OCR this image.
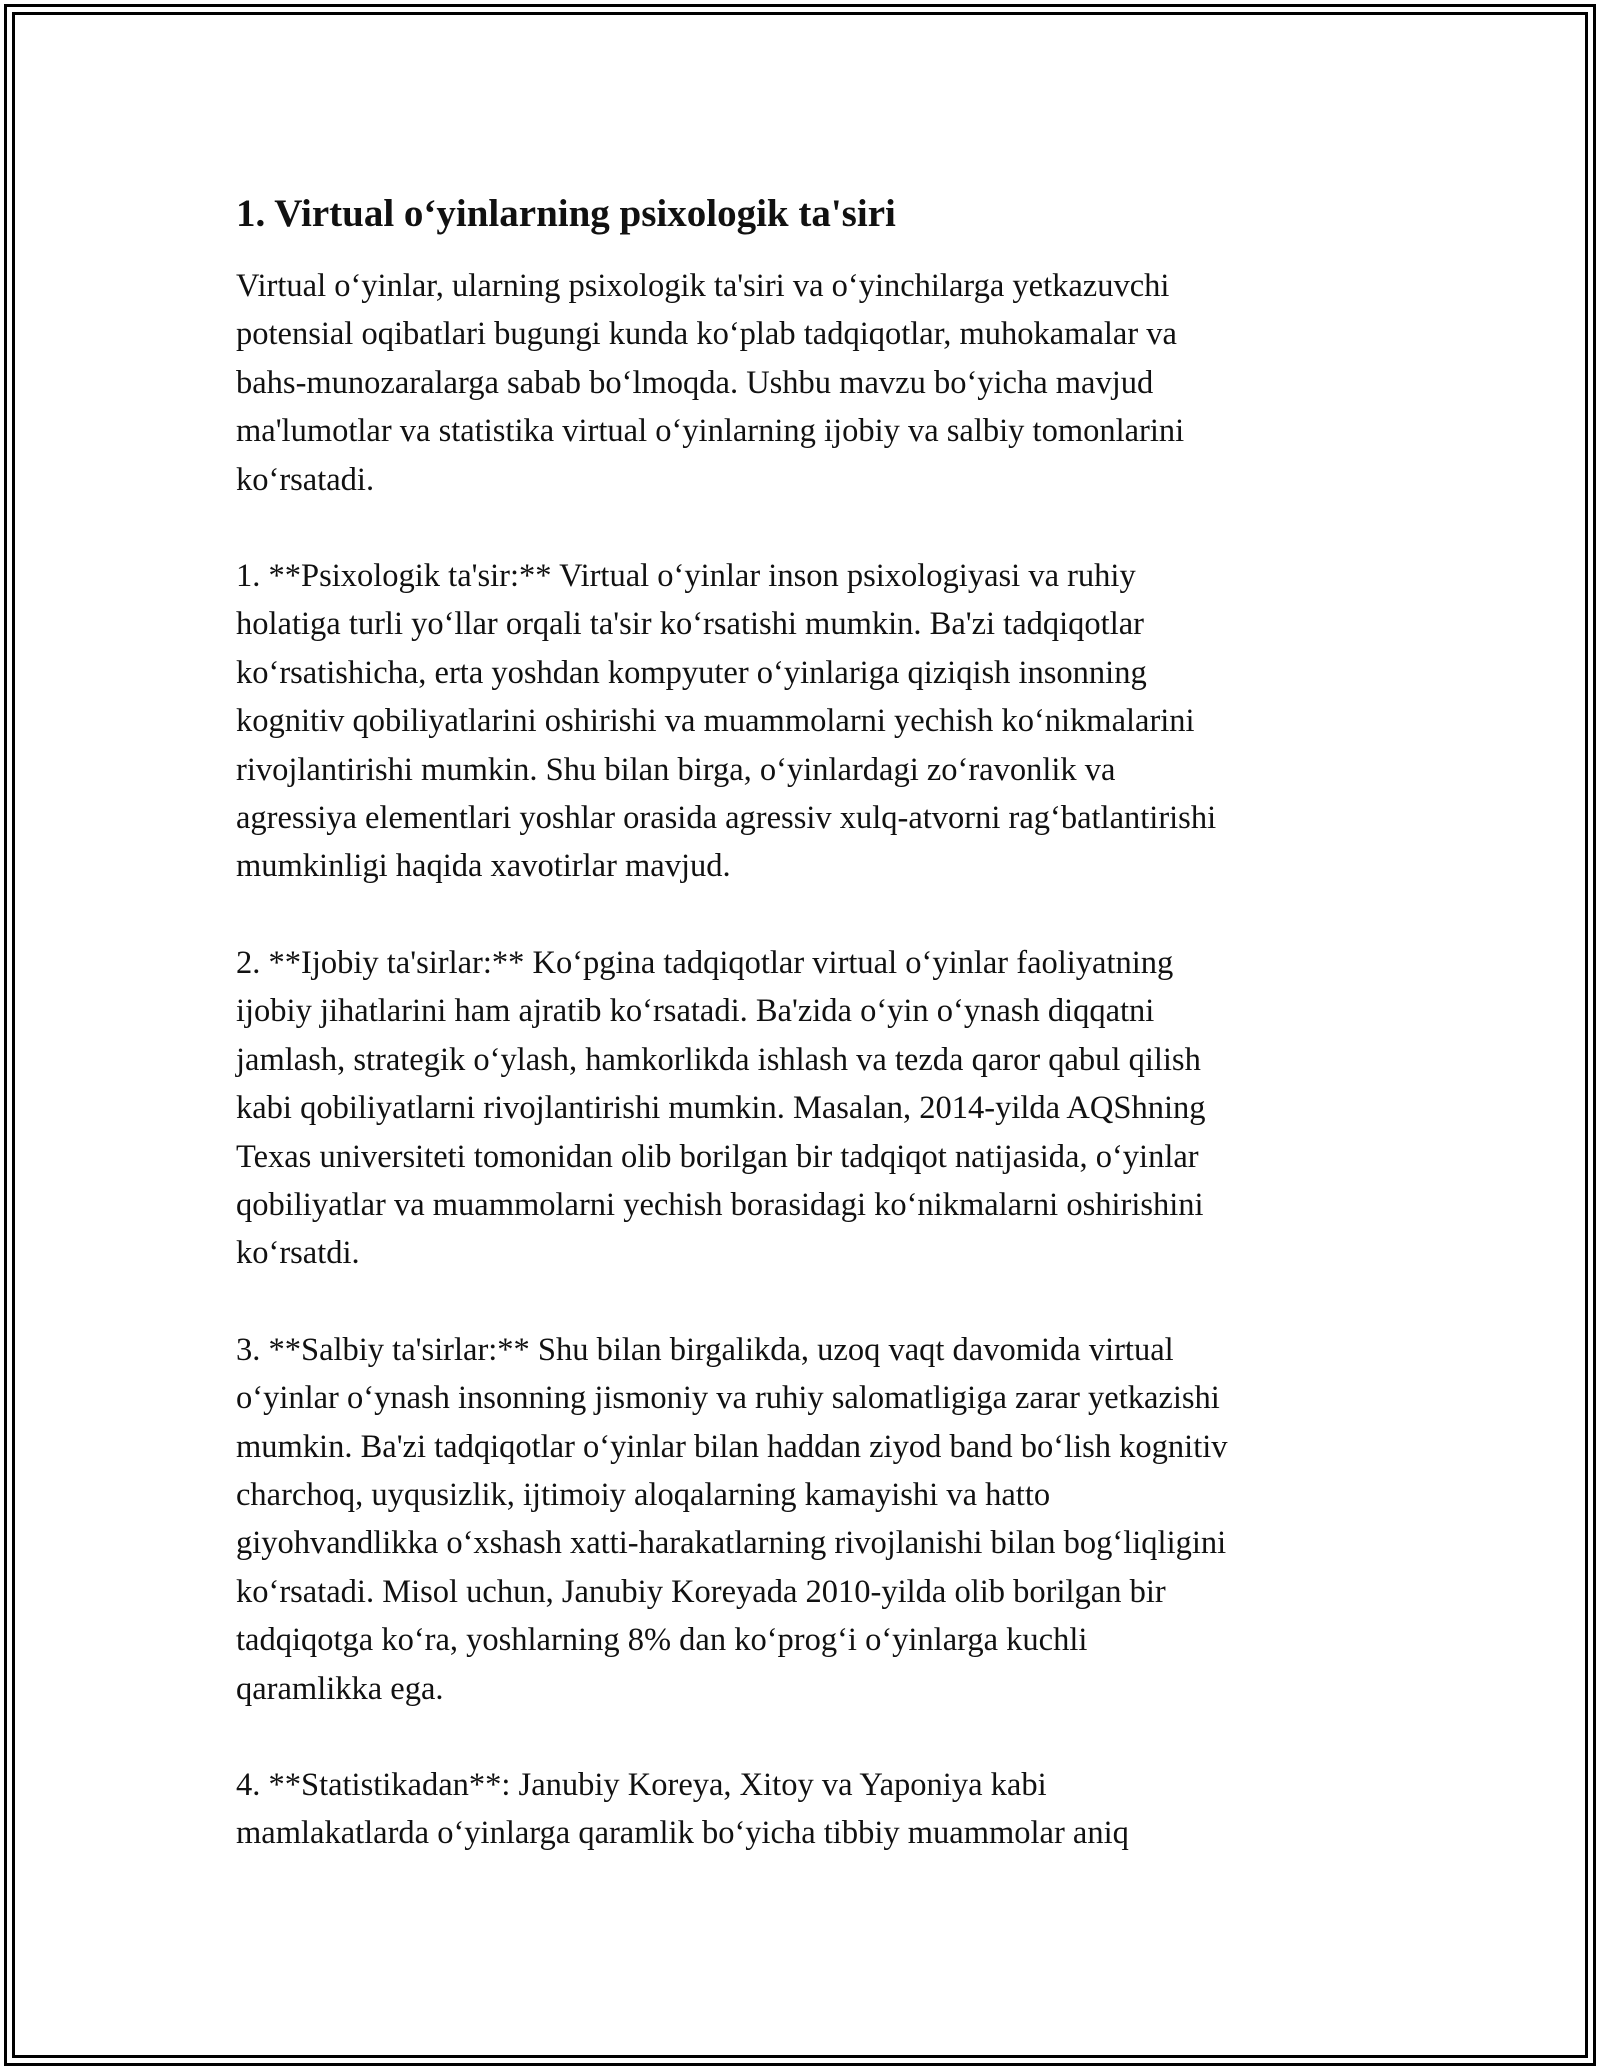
1. Virtual o‘yinlarning psixologik ta'siri

Virtual o‘yinlar, ularning psixologik ta'siri va o‘yinchilarga yetkazuvchi
potensial oqibatlari bugungi kunda ko‘plab tadqiqotlar, muhokamalar va
bahs-munozaralarga sabab bo‘lmoqda. Ushbu mavzu bo‘yicha mavjud
ma'lumotlar va statistika virtual o‘yinlarning ijobiy va salbiy tomonlarini
ko‘rsatadi.

1. **Psixologik ta'sir:** Virtual o‘yinlar inson psixologiyasi va ruhiy
holatiga turli yo‘llar orqali ta'sir ko‘rsatishi mumkin. Ba'zi tadqiqotlar
ko‘rsatishicha, erta yoshdan kompyuter o‘yinlariga qiziqish insonning
kognitiv qobiliyatlarini oshirishi va muammolarni yechish ko‘nikmalarini
rivojlantirishi mumkin. Shu bilan birga, o‘yinlardagi zo‘ravonlik va
agressiya elementlari yoshlar orasida agressiv xulq-atvorni rag‘batlantirishi
mumkinligi haqida xavotirlar mavjud.

2. **Ijobiy ta'sirlar:** Ko‘pgina tadqiqotlar virtual o‘yinlar faoliyatning
ijobiy jihatlarini ham ajratib ko‘rsatadi. Ba'zida o‘yin o‘ynash diqqatni
jamlash, strategik o‘ylash, hamkorlikda ishlash va tezda qaror qabul qilish
kabi qobiliyatlarni rivojlantirishi mumkin. Masalan, 2014-yilda AQShning
Texas universiteti tomonidan olib borilgan bir tadqiqot natijasida, o‘yinlar
qobiliyatlar va muammolarni yechish borasidagi ko‘nikmalarni oshirishini
ko‘rsatdi.

3. **Salbiy ta'sirlar:** Shu bilan birgalikda, uzoq vaqt davomida virtual
o‘yinlar o‘ynash insonning jismoniy va ruhiy salomatligiga zarar yetkazishi
mumkin. Ba'zi tadqiqotlar o‘yinlar bilan haddan ziyod band bo‘lish kognitiv
charchoq, uyqusizlik, ijtimoiy aloqalarning kamayishi va hatto
giyohvandlikka o‘xshash xatti-harakatlarning rivojlanishi bilan bog‘liqligini
ko‘rsatadi. Misol uchun, Janubiy Koreyada 2010-yilda olib borilgan bir
tadqiqotga ko‘ra, yoshlarning 8% dan ko‘prog‘i o‘yinlarga kuchli
qaramlikka ega.

4. **Statistikadan**: Janubiy Koreya, Xitoy va Yaponiya kabi
mamlakatlarda o‘yinlarga qaramlik bo‘yicha tibbiy muammolar aniq
